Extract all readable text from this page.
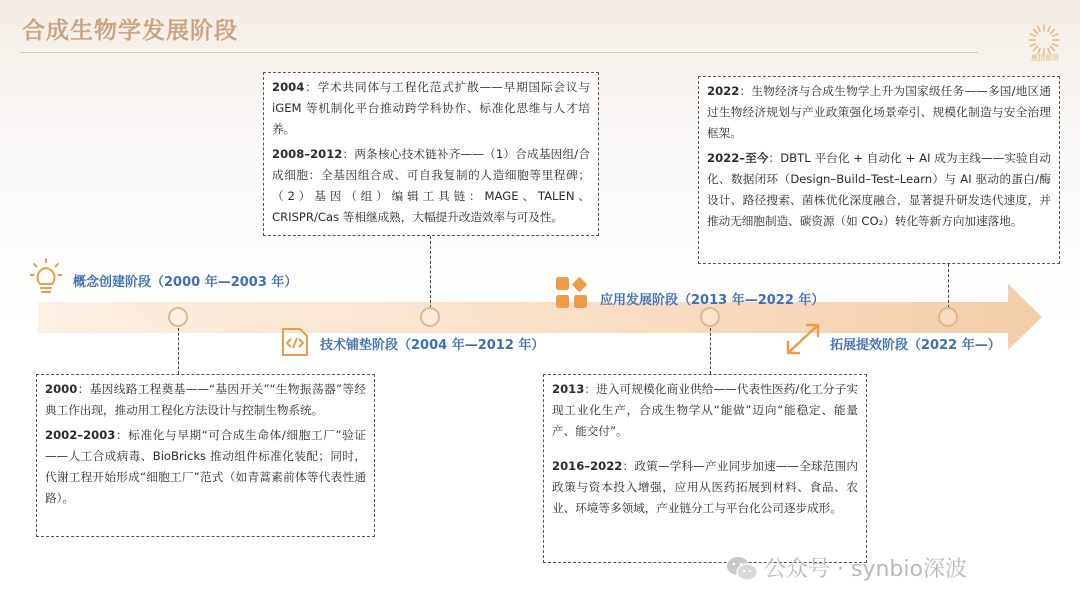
合成生物学发展阶段
鹿拾源资
概念创建阶段（2000 年—2003 年）
技术铺垫阶段（2004 年—2012 年）
应用发展阶段（2013 年—2022 年）
拓展提效阶段（2022 年—）

2000：基因线路工程奠基——“基因开关”“生物振荡器”等经典工作出现，推动用工程化方法设计与控制生物系统。

2002–2003：标准化与早期“可合成生命体/细胞工厂”验证——人工合成病毒、BioBricks 推动组件标准化装配；同时，代谢工程开始形成“细胞工厂”范式（如青蒿素前体等代表性通路）。

2004：学术共同体与工程化范式扩散——早期国际会议与 iGEM 等机制化平台推动跨学科协作、标准化思维与人才培养。

2008–2012：两条核心技术链补齐——（1）合成基因组/合成细胞：全基因组合成、可自我复制的人造细胞等里程碑；（2）基因（组）编辑工具链：MAGE、TALEN、CRISPR/Cas 等相继成熟，大幅提升改造效率与可及性。

2013：进入可规模化商业供给——代表性医药/化工分子实现工业化生产，合成生物学从“能做”迈向“能稳定、能量产、能交付”。

2016–2022：政策—学科—产业同步加速——全球范围内政策与资本投入增强，应用从医药拓展到材料、食品、农业、环境等多领域，产业链分工与平台化公司逐步成形。

2022：生物经济与合成生物学上升为国家级任务——多国/地区通过生物经济规划与产业政策强化场景牵引、规模化制造与安全治理框架。

2022–至今：DBTL 平台化 + 自动化 + AI 成为主线——实验自动化、数据闭环（Design–Build–Test–Learn）与 AI 驱动的蛋白/酶设计、路径搜索、菌株优化深度融合，显著提升研发迭代速度，并推动无细胞制造、碳资源（如 CO₂）转化等新方向加速落地。

公众号 · synbio深波
